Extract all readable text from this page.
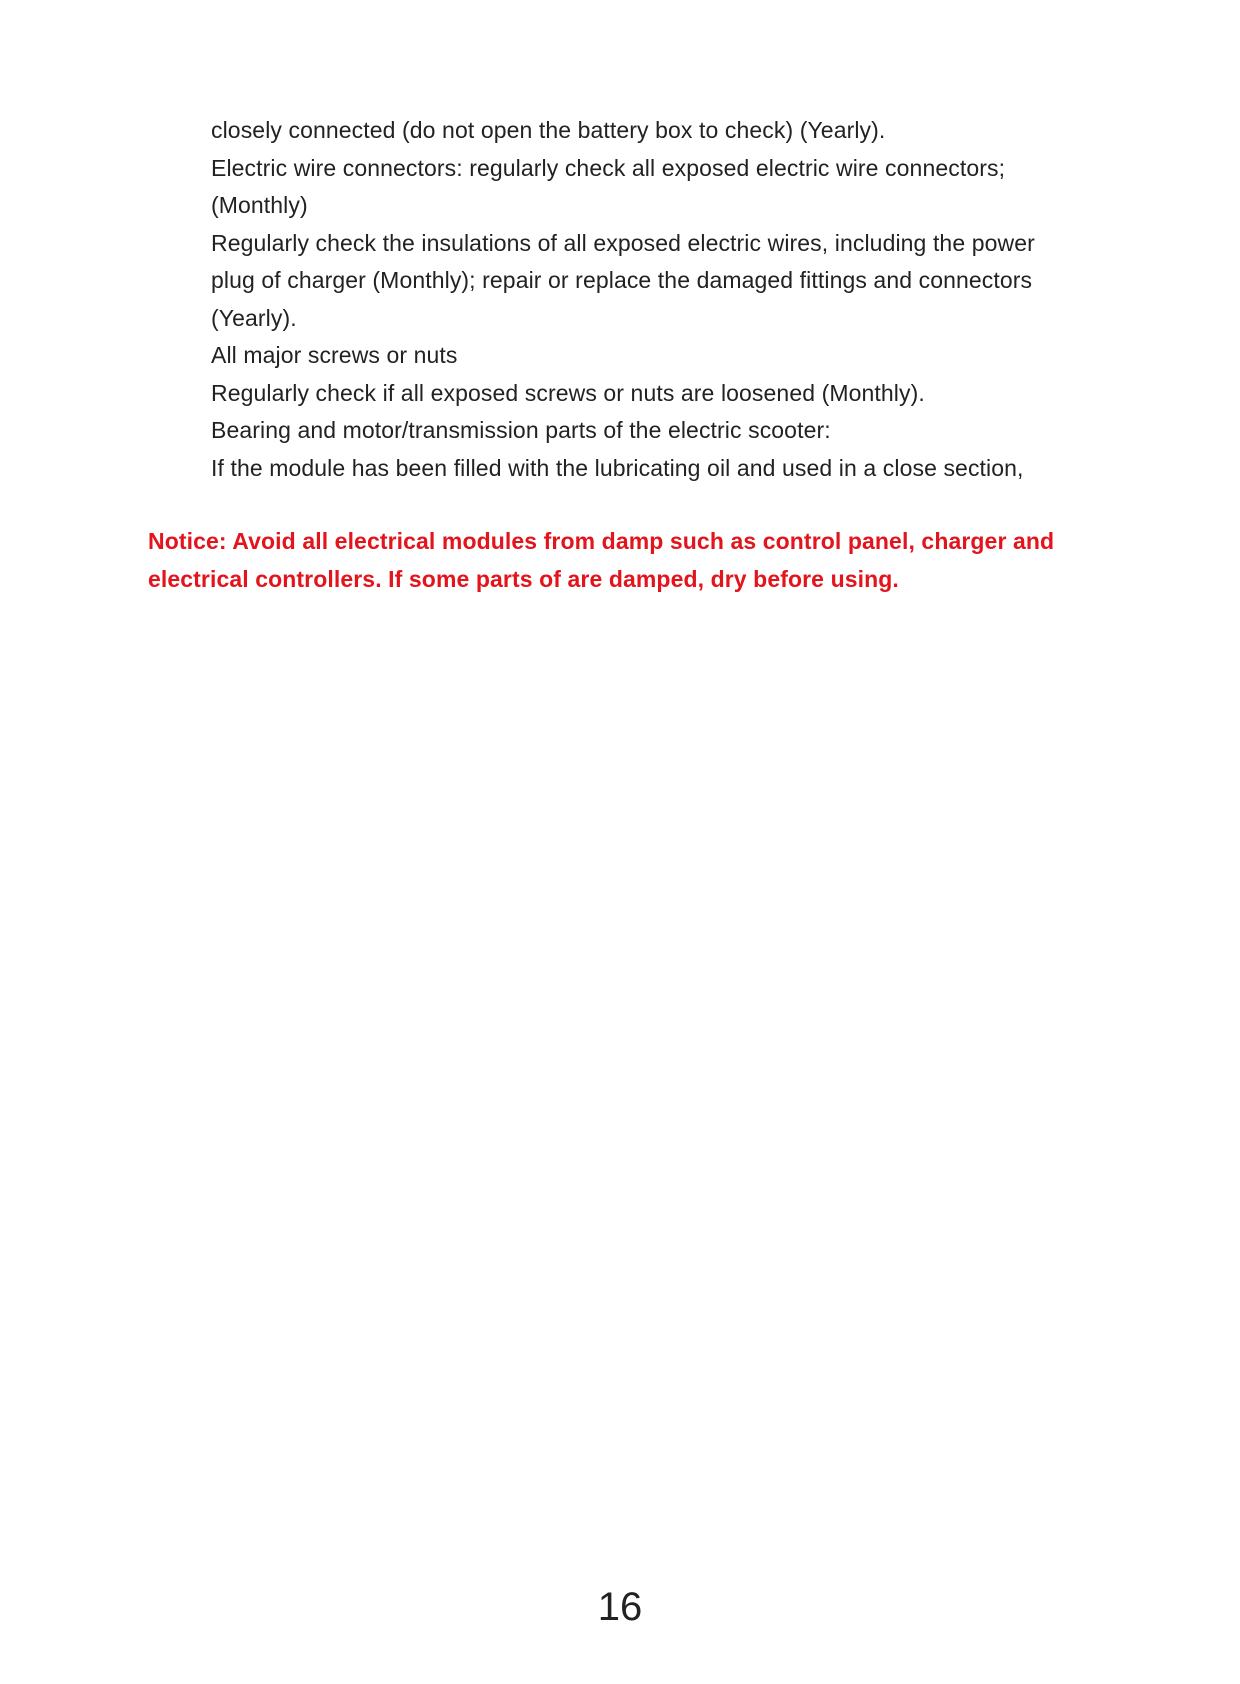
closely connected (do not open the battery box to check) (Yearly).
Electric wire connectors: regularly check all exposed electric wire connectors;
(Monthly)
Regularly check the insulations of all exposed electric wires, including the power
plug of charger (Monthly); repair or replace the damaged fittings and connectors
(Yearly).
All major screws or nuts
Regularly check if all exposed screws or nuts are loosened (Monthly).
Bearing and motor/transmission parts of the electric scooter:
If the module has been filled with the lubricating oil and used in a close section,
Notice: Avoid all electrical modules from damp such as control panel, charger and
electrical controllers. If some parts of are damped, dry before using.
16
